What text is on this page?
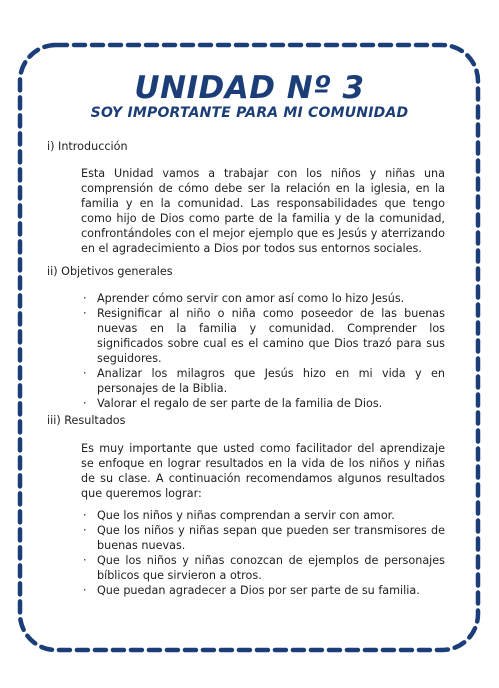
UNIDAD Nº 3
SOY IMPORTANTE PARA MI COMUNIDAD
i) Introducción

Esta Unidad vamos a trabajar con los niños y niñas una comprensión de cómo debe ser la relación en la iglesia, en la familia y en la comunidad. Las responsabilidades que tengo como hijo de Dios como parte de la familia y de la comunidad, confrontándoles con el mejor ejemplo que es Jesús y aterrizando en el agradecimiento a Dios por todos sus entornos sociales.

ii) Objetivos generales
· Aprender cómo servir con amor así como lo hizo Jesús.
· Resignificar al niño o niña como poseedor de las buenas nuevas en la familia y comunidad. Comprender los significados sobre cual es el camino que Dios trazó para sus seguidores.
· Analizar los milagros que Jesús hizo en mi vida y en personajes de la Biblia.
· Valorar el regalo de ser parte de la familia de Dios.
iii) Resultados

Es muy importante que usted como facilitador del aprendizaje se enfoque en lograr resultados en la vida de los niños y niñas de su clase. A continuación recomendamos algunos resultados que queremos lograr:

· Que los niños y niñas comprendan a servir con amor.
· Que los niños y niñas sepan que pueden ser transmisores de buenas nuevas.
· Que los niños y niñas conozcan de ejemplos de personajes bíblicos que sirvieron a otros.
· Que puedan agradecer a Dios por ser parte de su familia.
